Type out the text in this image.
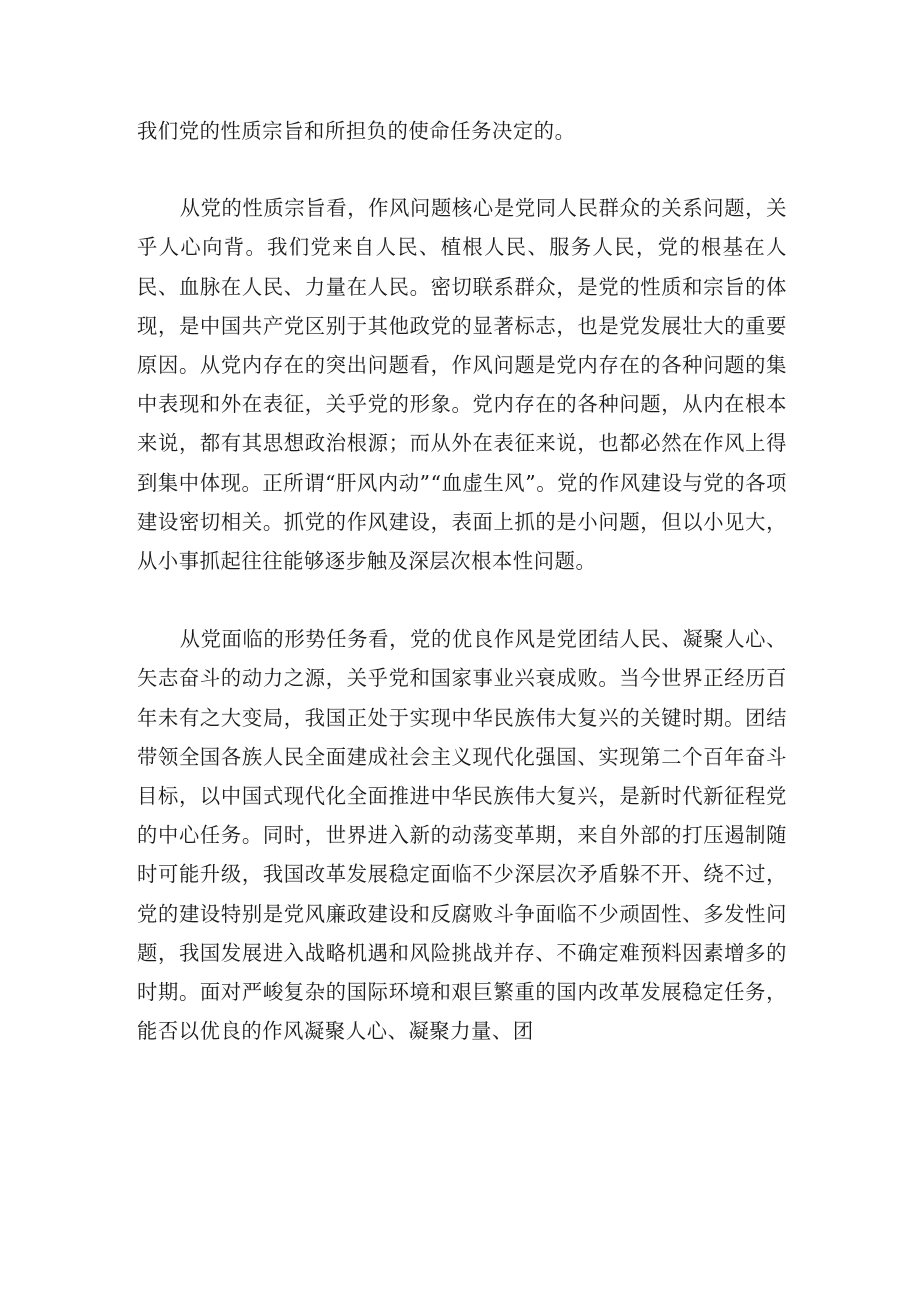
我们党的性质宗旨和所担负的使命任务决定的。

从党的性质宗旨看，作风问题核心是党同人民群众的关系问题，关乎人心向背。我们党来自人民、植根人民、服务人民，党的根基在人民、血脉在人民、力量在人民。密切联系群众，是党的性质和宗旨的体现，是中国共产党区别于其他政党的显著标志，也是党发展壮大的重要原因。从党内存在的突出问题看，作风问题是党内存在的各种问题的集中表现和外在表征，关乎党的形象。党内存在的各种问题，从内在根本来说，都有其思想政治根源；而从外在表征来说，也都必然在作风上得到集中体现。正所谓“肝风内动”“血虚生风”。党的作风建设与党的各项建设密切相关。抓党的作风建设，表面上抓的是小问题，但以小见大，从小事抓起往往能够逐步触及深层次根本性问题。

从党面临的形势任务看，党的优良作风是党团结人民、凝聚人心、矢志奋斗的动力之源，关乎党和国家事业兴衰成败。当今世界正经历百年未有之大变局，我国正处于实现中华民族伟大复兴的关键时期。团结带领全国各族人民全面建成社会主义现代化强国、实现第二个百年奋斗目标，以中国式现代化全面推进中华民族伟大复兴，是新时代新征程党的中心任务。同时，世界进入新的动荡变革期，来自外部的打压遏制随时可能升级，我国改革发展稳定面临不少深层次矛盾躲不开、绕不过，党的建设特别是党风廉政建设和反腐败斗争面临不少顽固性、多发性问题，我国发展进入战略机遇和风险挑战并存、不确定难预料因素增多的时期。面对严峻复杂的国际环境和艰巨繁重的国内改革发展稳定任务，能否以优良的作风凝聚人心、凝聚力量、团
